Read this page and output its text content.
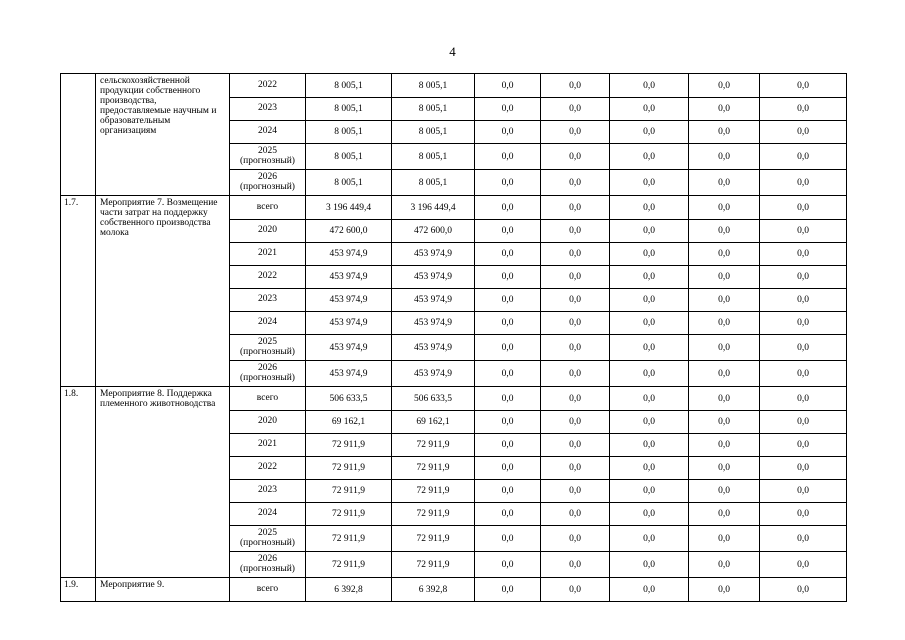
4
	сельскохозяйственной продукции собственного производства, предоставляемые научным и образовательным организациям	2022	8 005,1	8 005,1	0,0	0,0	0,0	0,0	0,0
		2023	8 005,1	8 005,1	0,0	0,0	0,0	0,0	0,0
		2024	8 005,1	8 005,1	0,0	0,0	0,0	0,0	0,0
		2025 (прогнозный)	8 005,1	8 005,1	0,0	0,0	0,0	0,0	0,0
		2026 (прогнозный)	8 005,1	8 005,1	0,0	0,0	0,0	0,0	0,0
1.7.	Мероприятие 7. Возмещение части затрат на поддержку собственного производства молока	всего	3 196 449,4	3 196 449,4	0,0	0,0	0,0	0,0	0,0
		2020	472 600,0	472 600,0	0,0	0,0	0,0	0,0	0,0
		2021	453 974,9	453 974,9	0,0	0,0	0,0	0,0	0,0
		2022	453 974,9	453 974,9	0,0	0,0	0,0	0,0	0,0
		2023	453 974,9	453 974,9	0,0	0,0	0,0	0,0	0,0
		2024	453 974,9	453 974,9	0,0	0,0	0,0	0,0	0,0
		2025 (прогнозный)	453 974,9	453 974,9	0,0	0,0	0,0	0,0	0,0
		2026 (прогнозный)	453 974,9	453 974,9	0,0	0,0	0,0	0,0	0,0
1.8.	Мероприятие 8. Поддержка племенного животноводства	всего	506 633,5	506 633,5	0,0	0,0	0,0	0,0	0,0
		2020	69 162,1	69 162,1	0,0	0,0	0,0	0,0	0,0
		2021	72 911,9	72 911,9	0,0	0,0	0,0	0,0	0,0
		2022	72 911,9	72 911,9	0,0	0,0	0,0	0,0	0,0
		2023	72 911,9	72 911,9	0,0	0,0	0,0	0,0	0,0
		2024	72 911,9	72 911,9	0,0	0,0	0,0	0,0	0,0
		2025 (прогнозный)	72 911,9	72 911,9	0,0	0,0	0,0	0,0	0,0
		2026 (прогнозный)	72 911,9	72 911,9	0,0	0,0	0,0	0,0	0,0
1.9.	Мероприятие 9.	всего	6 392,8	6 392,8	0,0	0,0	0,0	0,0	0,0
